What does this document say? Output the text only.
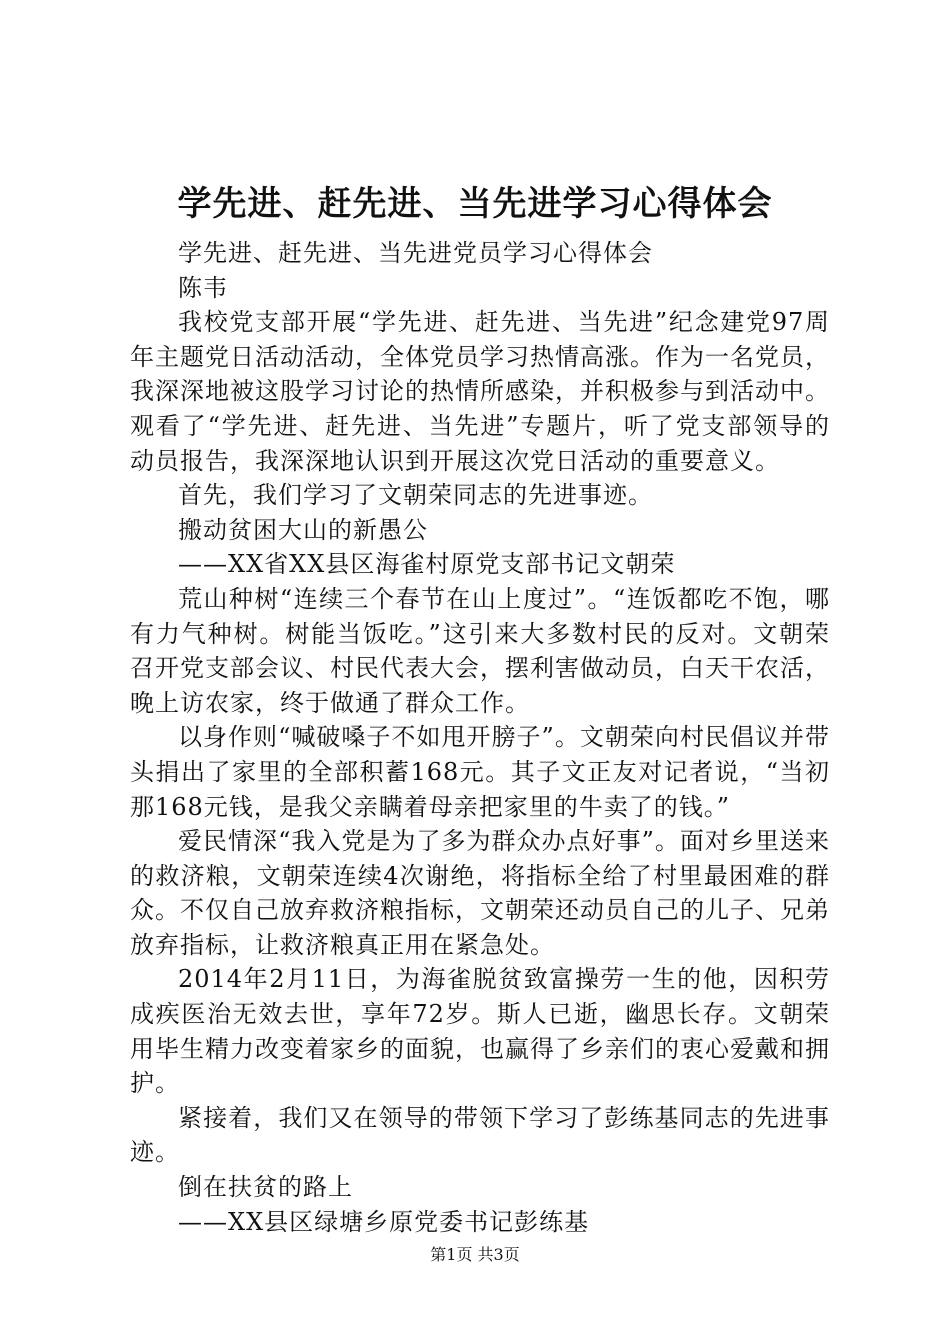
学先进、赶先进、当先进学习心得体会

学先进、赶先进、当先进党员学习心得体会

陈韦

我校党支部开展“学先进、赶先进、当先进”纪念建党97周年主题党日活动活动，全体党员学习热情高涨。作为一名党员，我深深地被这股学习讨论的热情所感染，并积极参与到活动中。观看了“学先进、赶先进、当先进”专题片，听了党支部领导的动员报告，我深深地认识到开展这次党日活动的重要意义。

首先，我们学习了文朝荣同志的先进事迹。

搬动贫困大山的新愚公

——XX省XX县区海雀村原党支部书记文朝荣

荒山种树“连续三个春节在山上度过”。“连饭都吃不饱，哪有力气种树。树能当饭吃。”这引来大多数村民的反对。文朝荣召开党支部会议、村民代表大会，摆利害做动员，白天干农活，晚上访农家，终于做通了群众工作。

以身作则“喊破嗓子不如甩开膀子”。文朝荣向村民倡议并带头捐出了家里的全部积蓄168元。其子文正友对记者说，“当初那168元钱，是我父亲瞒着母亲把家里的牛卖了的钱。”

爱民情深“我入党是为了多为群众办点好事”。面对乡里送来的救济粮，文朝荣连续4次谢绝，将指标全给了村里最困难的群众。不仅自己放弃救济粮指标，文朝荣还动员自己的儿子、兄弟放弃指标，让救济粮真正用在紧急处。

2014年2月11日，为海雀脱贫致富操劳一生的他，因积劳成疾医治无效去世，享年72岁。斯人已逝，幽思长存。文朝荣用毕生精力改变着家乡的面貌，也赢得了乡亲们的衷心爱戴和拥护。

紧接着，我们又在领导的带领下学习了彭练基同志的先进事迹。

倒在扶贫的路上

——XX县区绿塘乡原党委书记彭练基

第1页 共3页
